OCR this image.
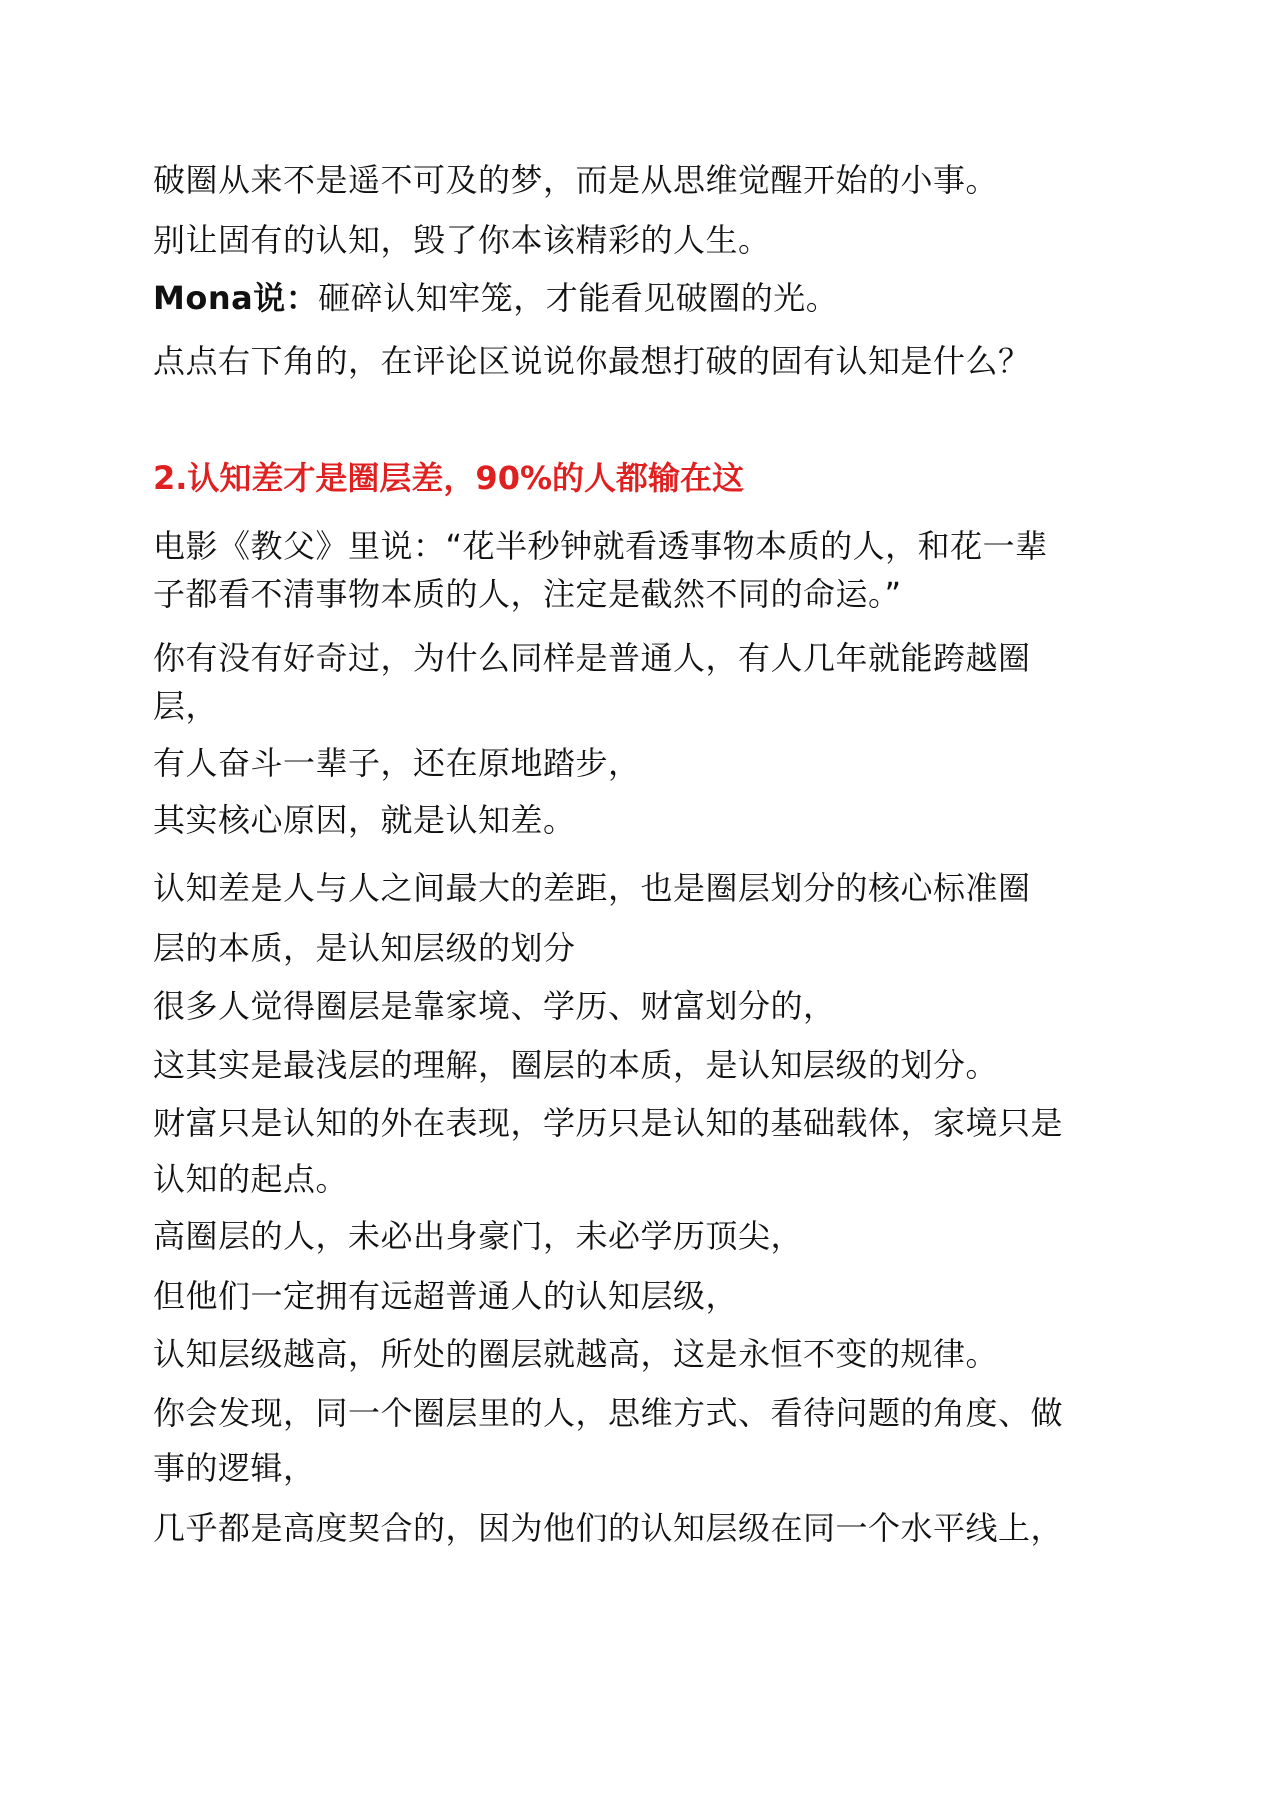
破圈从来不是遥不可及的梦，而是从思维觉醒开始的小事。
别让固有的认知，毁了你本该精彩的人生。
Mona说：砸碎认知牢笼，才能看见破圈的光。
点点右下角的，在评论区说说你最想打破的固有认知是什么？
2.认知差才是圈层差，90%的人都输在这
电影《教父》里说：“花半秒钟就看透事物本质的人，和花一辈
子都看不清事物本质的人，注定是截然不同的命运。”
你有没有好奇过，为什么同样是普通人，有人几年就能跨越圈
层，
有人奋斗一辈子，还在原地踏步，
其实核心原因，就是认知差。
认知差是人与人之间最大的差距，也是圈层划分的核心标准圈
层的本质，是认知层级的划分
很多人觉得圈层是靠家境、学历、财富划分的，
这其实是最浅层的理解，圈层的本质，是认知层级的划分。
财富只是认知的外在表现，学历只是认知的基础载体，家境只是
认知的起点。
高圈层的人，未必出身豪门，未必学历顶尖，
但他们一定拥有远超普通人的认知层级，
认知层级越高，所处的圈层就越高，这是永恒不变的规律。
你会发现，同一个圈层里的人，思维方式、看待问题的角度、做
事的逻辑，
几乎都是高度契合的，因为他们的认知层级在同一个水平线上，
